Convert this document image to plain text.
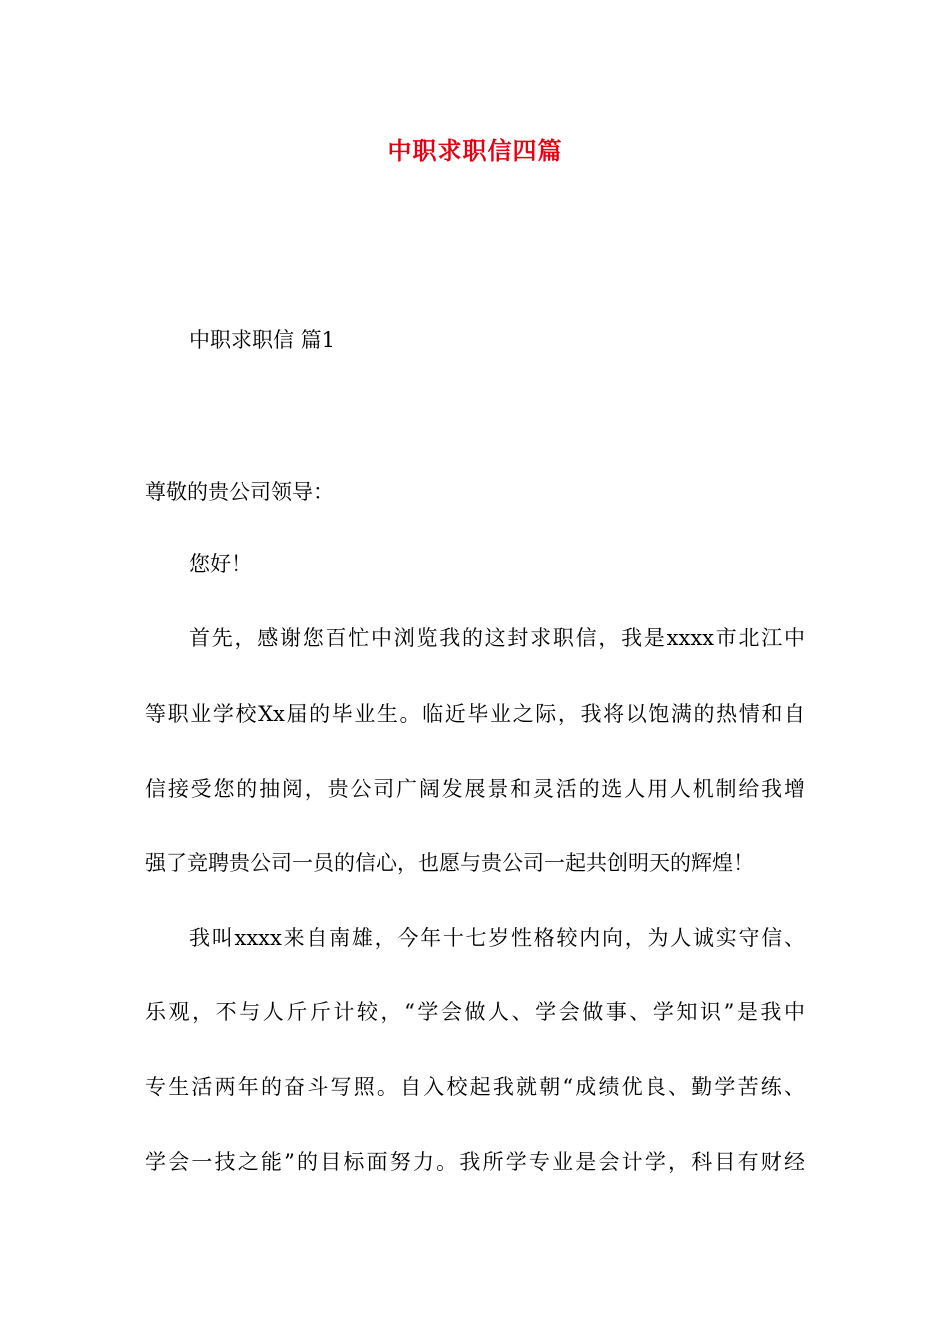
中职求职信四篇
中职求职信 篇1
尊敬的贵公司领导：
您好！
首先，感谢您百忙中浏览我的这封求职信，我是xxxx市北江中
等职业学校Xx届的毕业生。临近毕业之际，我将以饱满的热情和自
信接受您的抽阅，贵公司广阔发展景和灵活的选人用人机制给我增
强了竞聘贵公司一员的信心，也愿与贵公司一起共创明天的辉煌！
我叫xxxx来自南雄，今年十七岁性格较内向，为人诚实守信、
乐观，不与人斤斤计较，“学会做人、学会做事、学知识”是我中
专生活两年的奋斗写照。自入校起我就朝“成绩优良、勤学苦练、
学会一技之能”的目标面努力。我所学专业是会计学，科目有财经
